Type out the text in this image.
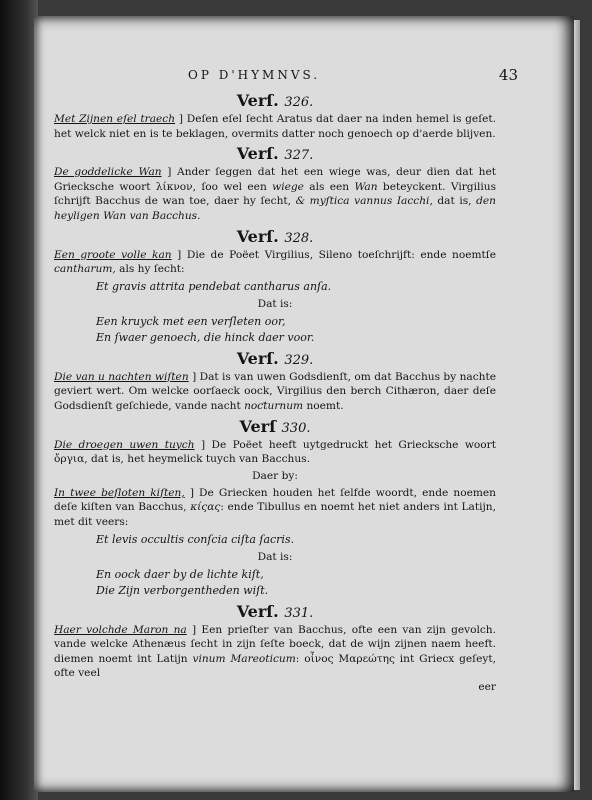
OP D'HYMNVS.	43
Verſ. 326.

Met Zijnen eſel traech ] Deſen eſel ſecht Aratus dat daer na inden hemel is geſet. het welck niet en is te beklagen, overmits datter noch genoech op d'aerde blijven.

Verſ. 327.

De goddelicke Wan ] Ander ſeggen dat het een wiege was, deur dien dat het Griecksche woort λίκνον, ſoo wel een wiege als een Wan beteyckent. Virgilius ſchrijft Bacchus de wan toe, daer hy ſecht, & myſtica vannus Iacchi, dat is, den heyligen Wan van Bacchus.

Verſ. 328.

Een groote volle kan ] Die de Poëet Virgilius, Sileno toeſchrijft: ende noemtſe cantharum, als hy ſecht:

Et gravis attrita pendebat cantharus anſa.
Dat is:
Een kruyck met een verſleten oor,
En ſwaer genoech, die hinck daer voor.
Verſ. 329.

Die van u nachten wiſten ] Dat is van uwen Godsdienſt, om dat Bacchus by nachte geviert wert. Om welcke oorſaeck oock, Virgilius den berch Cithæron, daer deſe Godsdienſt geſchiede, vande nacht noƈturnum noemt.

Verſ 330.

Die droegen uwen tuych ] De Poëet heeft uytgedruckt het Griecksche woort ὄργια, dat is, het heymelick tuych van Bacchus.

Daer by:

In twee beſloten kiſten, ] De Griecken houden het ſelfde woordt, ende noemen deſe kiſten van Bacchus, κίςας: ende Tibullus en noemt het niet anders int Latijn, met dit veers:

Et levis occultis conſcia ciſta ſacris.
Dat is:
En oock daer by de lichte kiſt,
Die Zijn verborgentheden wiſt.
Verſ. 331.

Haer volchde Maron na ] Een prieſter van Bacchus, ofte een van zijn gevolch. vande welcke Athenæus ſecht in zijn ſeſte boeck, dat de wijn zijnen naem heeft. diemen noemt int Latijn vinum Mareoticum: οἶνος Μαρεώτης int Griecx geſeyt, ofte veel

eer
